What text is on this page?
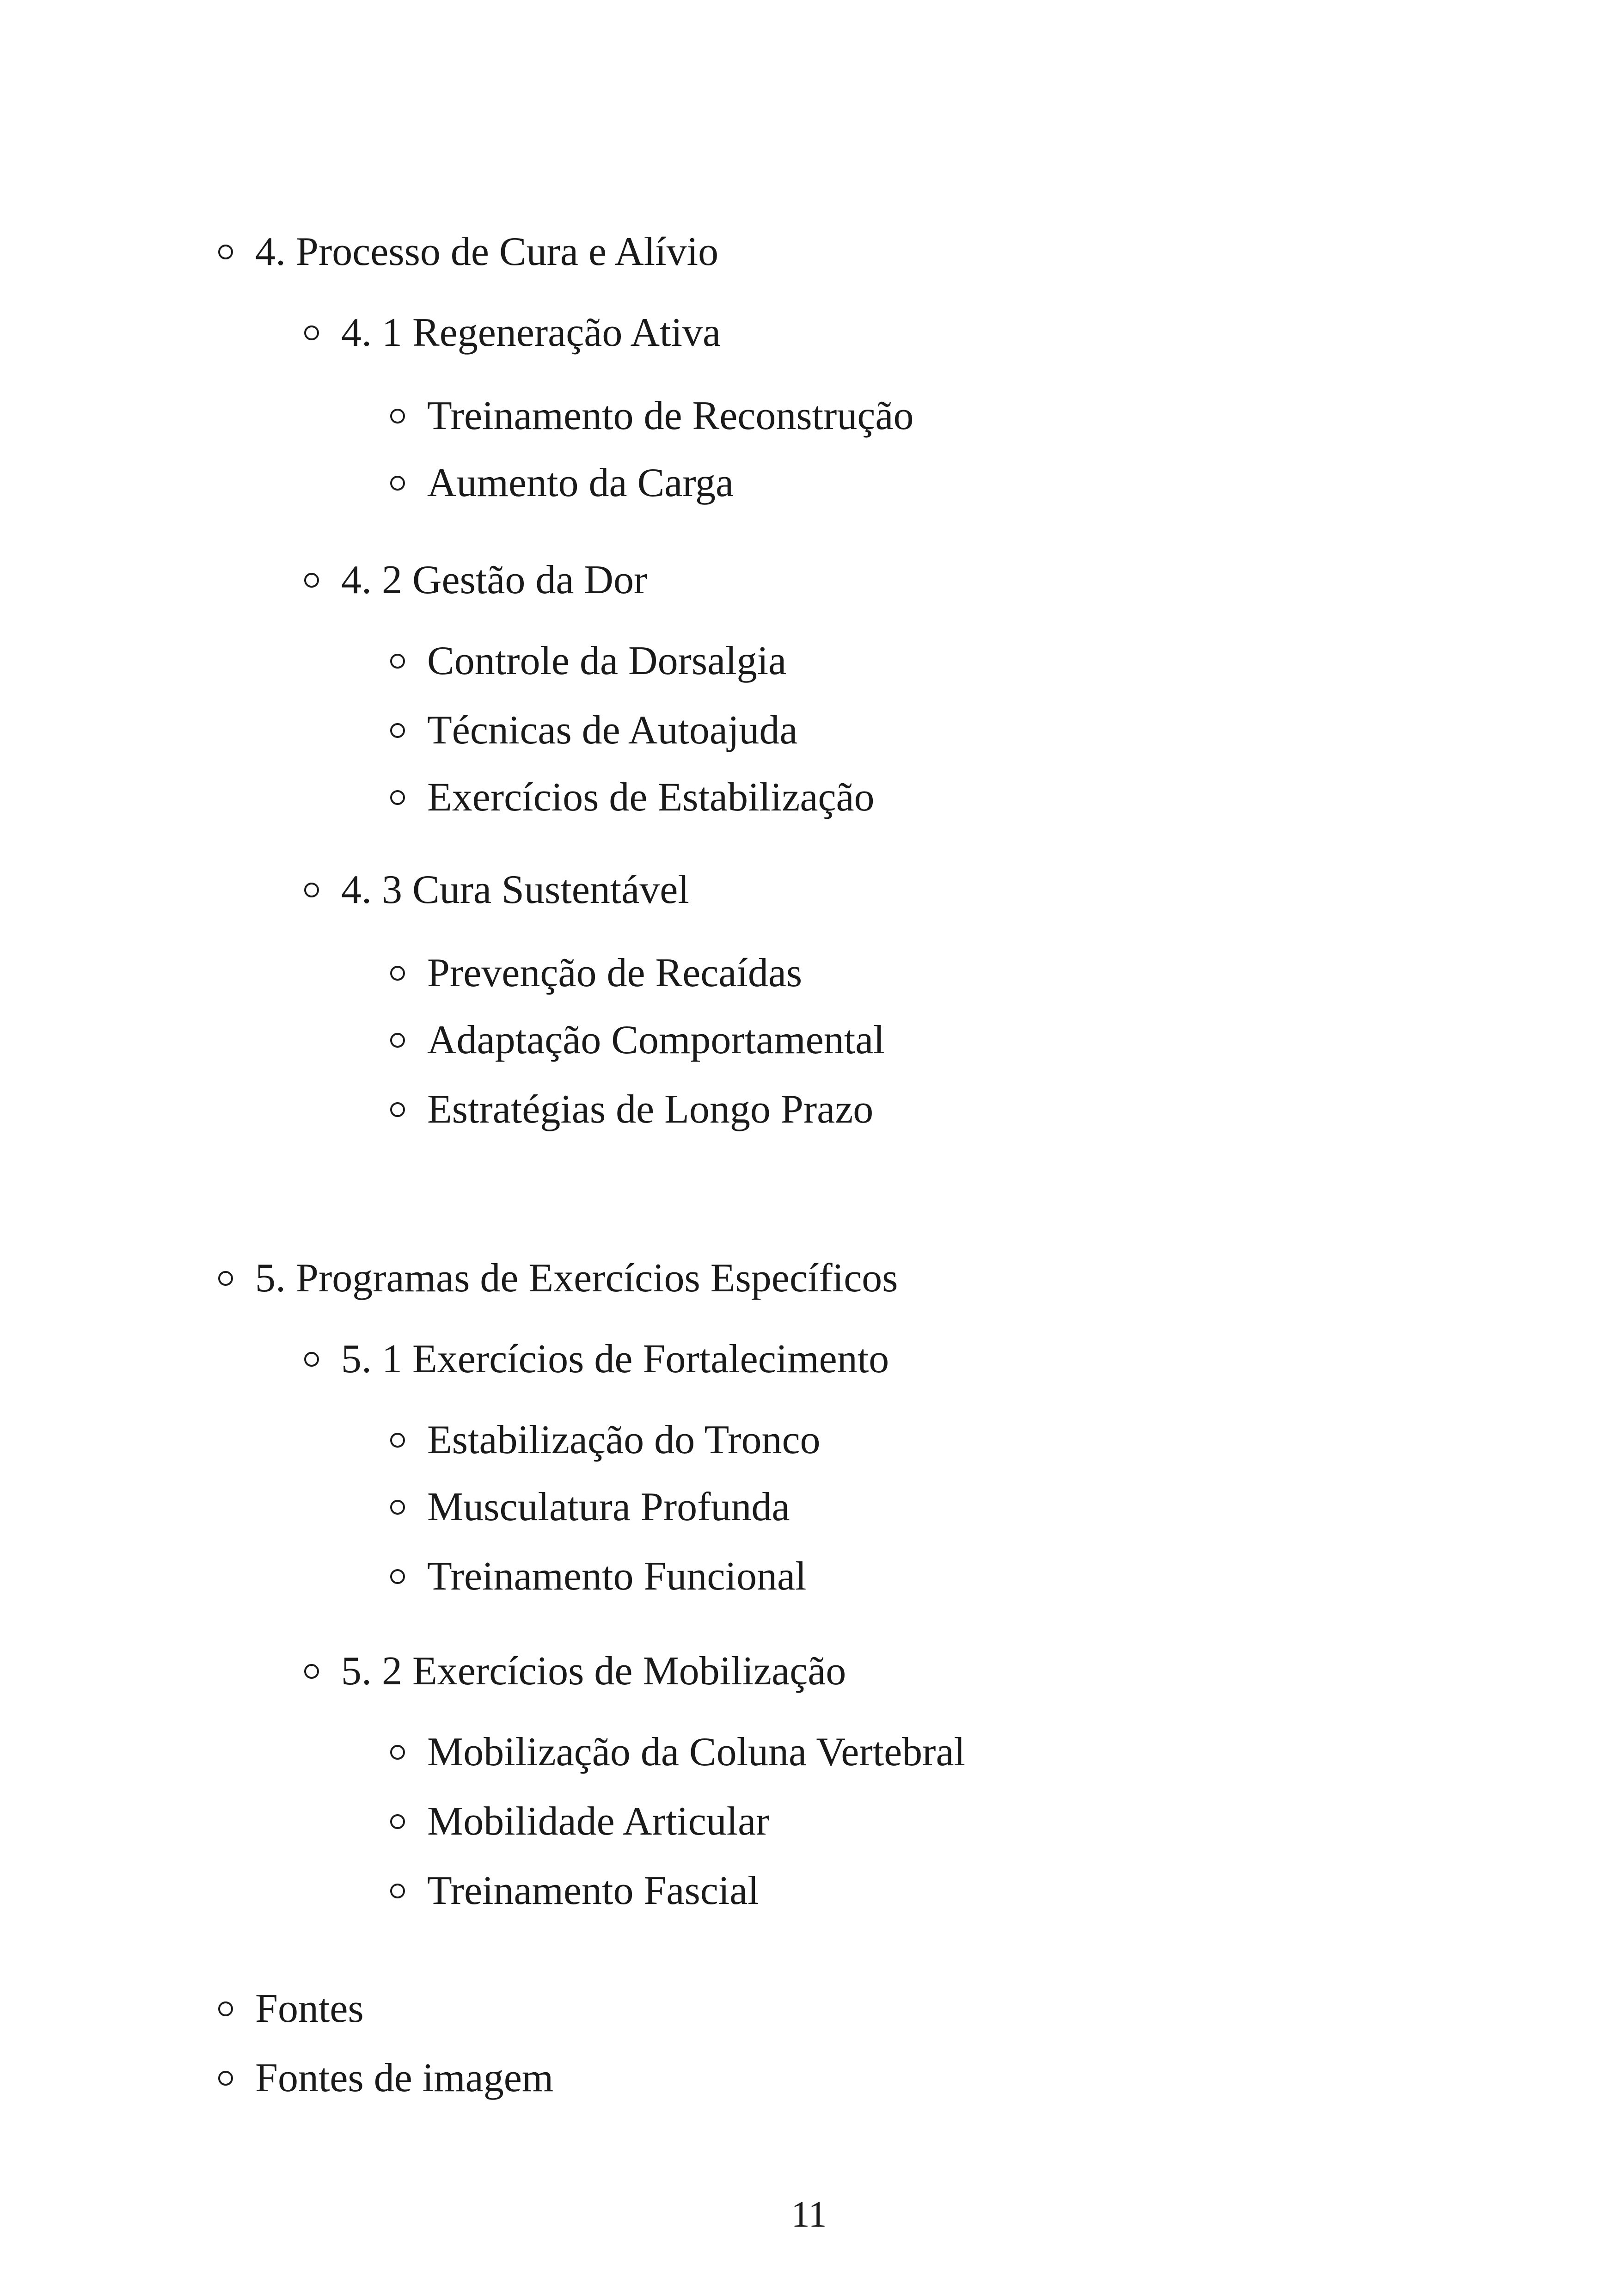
4. Processo de Cura e Alívio
4. 1 Regeneração Ativa
Treinamento de Reconstrução
Aumento da Carga
4. 2 Gestão da Dor
Controle da Dorsalgia
Técnicas de Autoajuda
Exercícios de Estabilização
4. 3 Cura Sustentável
Prevenção de Recaídas
Adaptação Comportamental
Estratégias de Longo Prazo
5. Programas de Exercícios Específicos
5. 1 Exercícios de Fortalecimento
Estabilização do Tronco
Musculatura Profunda
Treinamento Funcional
5. 2 Exercícios de Mobilização
Mobilização da Coluna Vertebral
Mobilidade Articular
Treinamento Fascial
Fontes
Fontes de imagem
11
